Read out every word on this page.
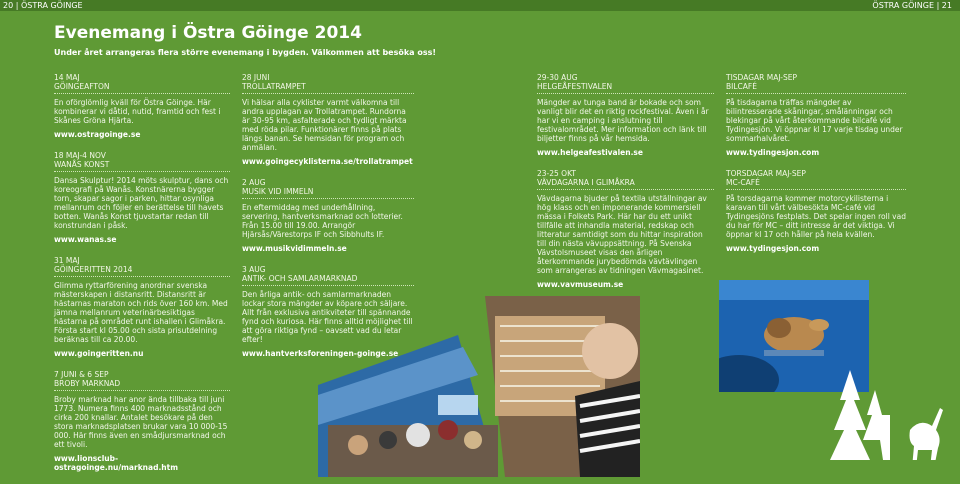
20 | ÖSTRA GÖINGE	ÖSTRA GÖINGE | 21
Evenemang i Östra Göinge 2014
Under året arrangeras flera större evenemang i bygden. Välkommen att besöka oss!
14 MAJ
GÖINGEAFTON
En oförglömlig kväll för Östra Göinge. Här kombinerar vi dåtid, nutid, framtid och fest i Skånes Gröna Hjärta.
www.ostragoinge.se
18 MAJ-4 NOV
WANÅS KONST
Dansa Skulptur! 2014 möts skulptur, dans och koreografi på Wanås. Konstnärerna bygger torn, skapar sagor i parken, hittar osynliga mellanrum och föjler en berättelse till havets botten. Wanås Konst tjuvstartar redan till konstrundan i påsk.
www.wanas.se
31 MAJ
GÖINGERITTEN 2014
Glimma ryttarförening anordnar svenska mästerskapen i distansritt. Distansritt är hästarnas maraton och rids över 160 km. Med jämna mellanrum veterinärbesiktigas hästarna på området runt ishallen i Glimåkra. Första start kl 05.00 och sista prisutdelning beräknas till ca 20.00.
www.goingeritten.nu
7 JUNI & 6 SEP
BROBY MARKNAD
Broby marknad har anor ända tillbaka till juni 1773. Numera finns 400 marknadsstånd och cirka 200 knallar. Antalet besökare på den stora marknadsplatsen brukar vara 10 000-15 000. Här finns även en smådjursmarknad och ett tivoli.
www.lionsclub-ostragoinge.nu/marknad.htm
28 JUNI
TROLLATRAMPET
Vi hälsar alla cyklister varmt välkomna till andra upplagan av Trollatrampet. Rundorna är 30-95 km, asfalterade och tydligt märkta med röda pilar. Funktionärer finns på plats längs banan. Se hemsidan för program och anmälan.
www.goingecyklisterna.se/trollatrampet
2 AUG
MUSIK VID IMMELN
En eftermiddag med underhållning, servering, hantverksmarknad och lotterier. Från 15.00 till 19.00. Arrangör Hjärsås/Värestorps IF och Sibbhults IF.
www.musikvidimmeln.se
3 AUG
ANTIK- OCH SAMLARMARKNAD
Den årliga antik- och samlarmarknaden lockar stora mängder av köpare och säljare. Allt från exklusiva antikviteter till spännande fynd och kuriosa. Här finns alltid möjlighet till att göra riktiga fynd – oavsett vad du letar efter!
www.hantverksforeningen-goinge.se
29-30 AUG
HELGEÅFESTIVALEN
Mängder av tunga band är bokade och som vanligt blir det en riktig rockfestival. Även i år har vi en camping i anslutning till festivalområdet. Mer information och länk till biljetter finns på vår hemsida.
www.helgeafestivalen.se
23-25 OKT
VÄVDAGARNA I GLIMÅKRA
Vävdagarna bjuder på textila utställningar av hög klass och en imponerande kommersiell mässa i Folkets Park. Här har du ett unikt tillfälle att inhandla material, redskap och litteratur samtidigt som du hittar inspiration till din nästa vävuppsättning. På Svenska Vävstolsmuseet visas den årligen återkommande jurybedömda vävtävlingen som arrangeras av tidningen Vävmagasinet.
www.vavmuseum.se
TISDAGAR MAJ-SEP
BILCAFÉ
På tisdagarna träffas mängder av bilintresserade skåningar, smålänningar och blekingar på vårt återkommande bilcafé vid Tydingesjön. Vi öppnar kl 17 varje tisdag under sommarhalvåret.
www.tydingesjon.com
TORSDAGAR MAJ-SEP
MC-CAFÉ
På torsdagarna kommer motorcykilisterna i karavan till vårt välbesökta MC-café vid Tydingesjöns festplats. Det spelar ingen roll vad du har för MC – ditt intresse är det viktiga. Vi öppnar kl 17 och håller på hela kvällen.
www.tydingesjon.com
